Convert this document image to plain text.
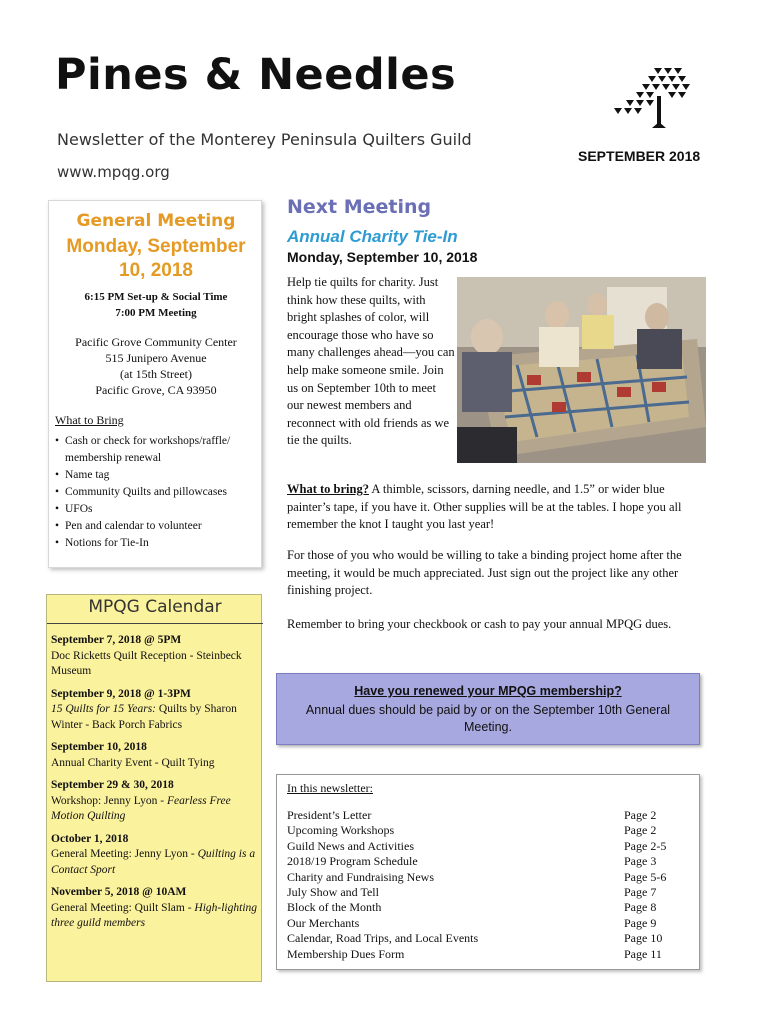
Pines & Needles
Newsletter of the Monterey Peninsula Quilters Guild
www.mpqg.org
SEPTEMBER 2018
General Meeting
Monday, September
10, 2018
6:15 PM Set-up & Social Time
7:00 PM Meeting
Pacific Grove Community Center
515 Junipero Avenue
(at 15th Street)
Pacific Grove, CA 93950
What to Bring
• Cash or check for workshops/raffle/ membership renewal
• Name tag
• Community Quilts and pillowcases
• UFOs
• Pen and calendar to volunteer
• Notions for Tie-In
MPQG Calendar
September 7, 2018 @ 5PM
Doc Ricketts Quilt Reception - Steinbeck Museum
September 9, 2018 @ 1-3PM
15 Quilts for 15 Years: Quilts by Sharon Winter - Back Porch Fabrics
September 10, 2018
Annual Charity Event - Quilt Tying
September 29 & 30, 2018
Workshop: Jenny Lyon - Fearless Free Motion Quilting
October 1, 2018
General Meeting: Jenny Lyon - Quilting is a Contact Sport
November 5, 2018 @ 10AM
General Meeting: Quilt Slam - High-lighting three guild members
Next Meeting
Annual Charity Tie-In
Monday, September 10, 2018
Help tie quilts for charity. Just think how these quilts, with bright splashes of color, will encourage those who have so many challenges ahead—you can help make someone smile. Join us on September 10th to meet our newest members and reconnect with old friends as we tie the quilts.
What to bring? A thimble, scissors, darning needle, and 1.5” or wider blue painter’s tape, if you have it. Other supplies will be at the tables. I hope you all remember the knot I taught you last year!
For those of you who would be willing to take a binding project home after the meeting, it would be much appreciated. Just sign out the project like any other finishing project.
Remember to bring your checkbook or cash to pay your annual MPQG dues.
Have you renewed your MPQG membership?
Annual dues should be paid by or on the September 10th General Meeting.
In this newsletter:
President’s Letter	Page 2
Upcoming Workshops	Page 2
Guild News and Activities	Page 2-5
2018/19 Program Schedule	Page 3
Charity and Fundraising News	Page 5-6
July Show and Tell	Page 7
Block of the Month	Page 8
Our Merchants	Page 9
Calendar, Road Trips, and Local Events	Page 10
Membership Dues Form	Page 11
